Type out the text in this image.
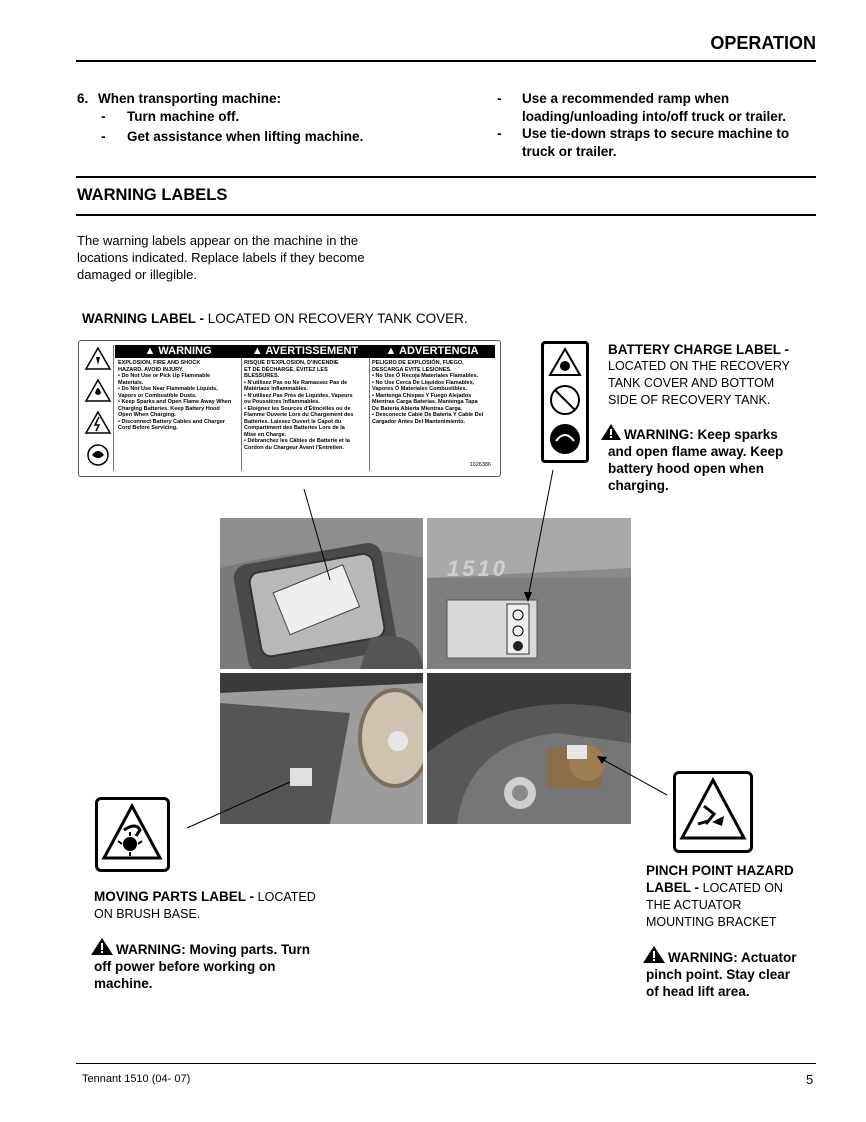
OPERATION
6. When transporting machine:
- Turn machine off.
- Get assistance when lifting machine.
- Use a recommended ramp when
loading/unloading into/off truck or trailer.
- Use tie-down straps to secure machine to
truck or trailer.
WARNING LABELS
The warning labels appear on the machine in the
locations indicated. Replace labels if they become
damaged or illegible.
WARNING LABEL - LOCATED ON RECOVERY TANK COVER.
▲ WARNING
EXPLOSION, FIRE AND SHOCK
HAZARD. AVOID INJURY.
• Do Not Use or Pick Up Flammable
Materials.
• Do Not Use Near Flammable Liquids,
Vapors or Combustible Dusts.
• Keep Sparks and Open Flame Away When
Charging Batteries. Keep Battery Hood
Open When Charging.
• Disconnect Battery Cables and Charger
Cord Before Servicing.
▲ AVERTISSEMENT
RISQUE D'EXPLOSION, D'INCENDIE
ET DE DÉCHARGE. ÉVITEZ LES
BLESSURES.
• N'utilisez Pas ou Ne Ramassez Pas de
Matériaux Inflammables.
• N'utilisez Pas Près de Liquides, Vapeurs
ou Poussières Inflammables.
• Eloignez les Sources d'Étincelles ou de
Flamme Ouverte Lors du Chargement des
Batteries. Laissez Ouvert le Capot du
Compartiment des Batteries Lors de la
Mise en Charge.
• Débranchez les Câbles de Batterie et la
Cordon du Chargeur Avant l'Entretien.
▲ ADVERTENCIA
PELIGRO DE EXPLOSIÓN, FUEGO,
DESCARGA EVITE LESIONES.
• No Use Ó Recoja Materiales Flamables.
• No Use Cerca De Liquidos Flamables,
Vapores Ó Materiales Combustibles.
• Mantenga Chispas Y Fuego Alejados
Mientras Carga Baterias. Mantenga Tapa
De Bateria Abierta Mientras Carga.
• Desconecte Cable De Bateria Y Cable Del
Cargador Antes Del Mantenimiento.
1026386
BATTERY CHARGE LABEL -
LOCATED ON THE RECOVERY
TANK COVER AND BOTTOM
SIDE OF RECOVERY TANK.
WARNING: Keep sparks
and open flame away. Keep
battery hood open when
charging.
1510
MOVING PARTS LABEL - LOCATED
ON BRUSH BASE.
WARNING: Moving parts. Turn
off power before working on
machine.
PINCH POINT HAZARD
LABEL - LOCATED ON
THE ACTUATOR
MOUNTING BRACKET
WARNING: Actuator
pinch point. Stay clear
of head lift area.
Tennant 1510 (04- 07)	5
